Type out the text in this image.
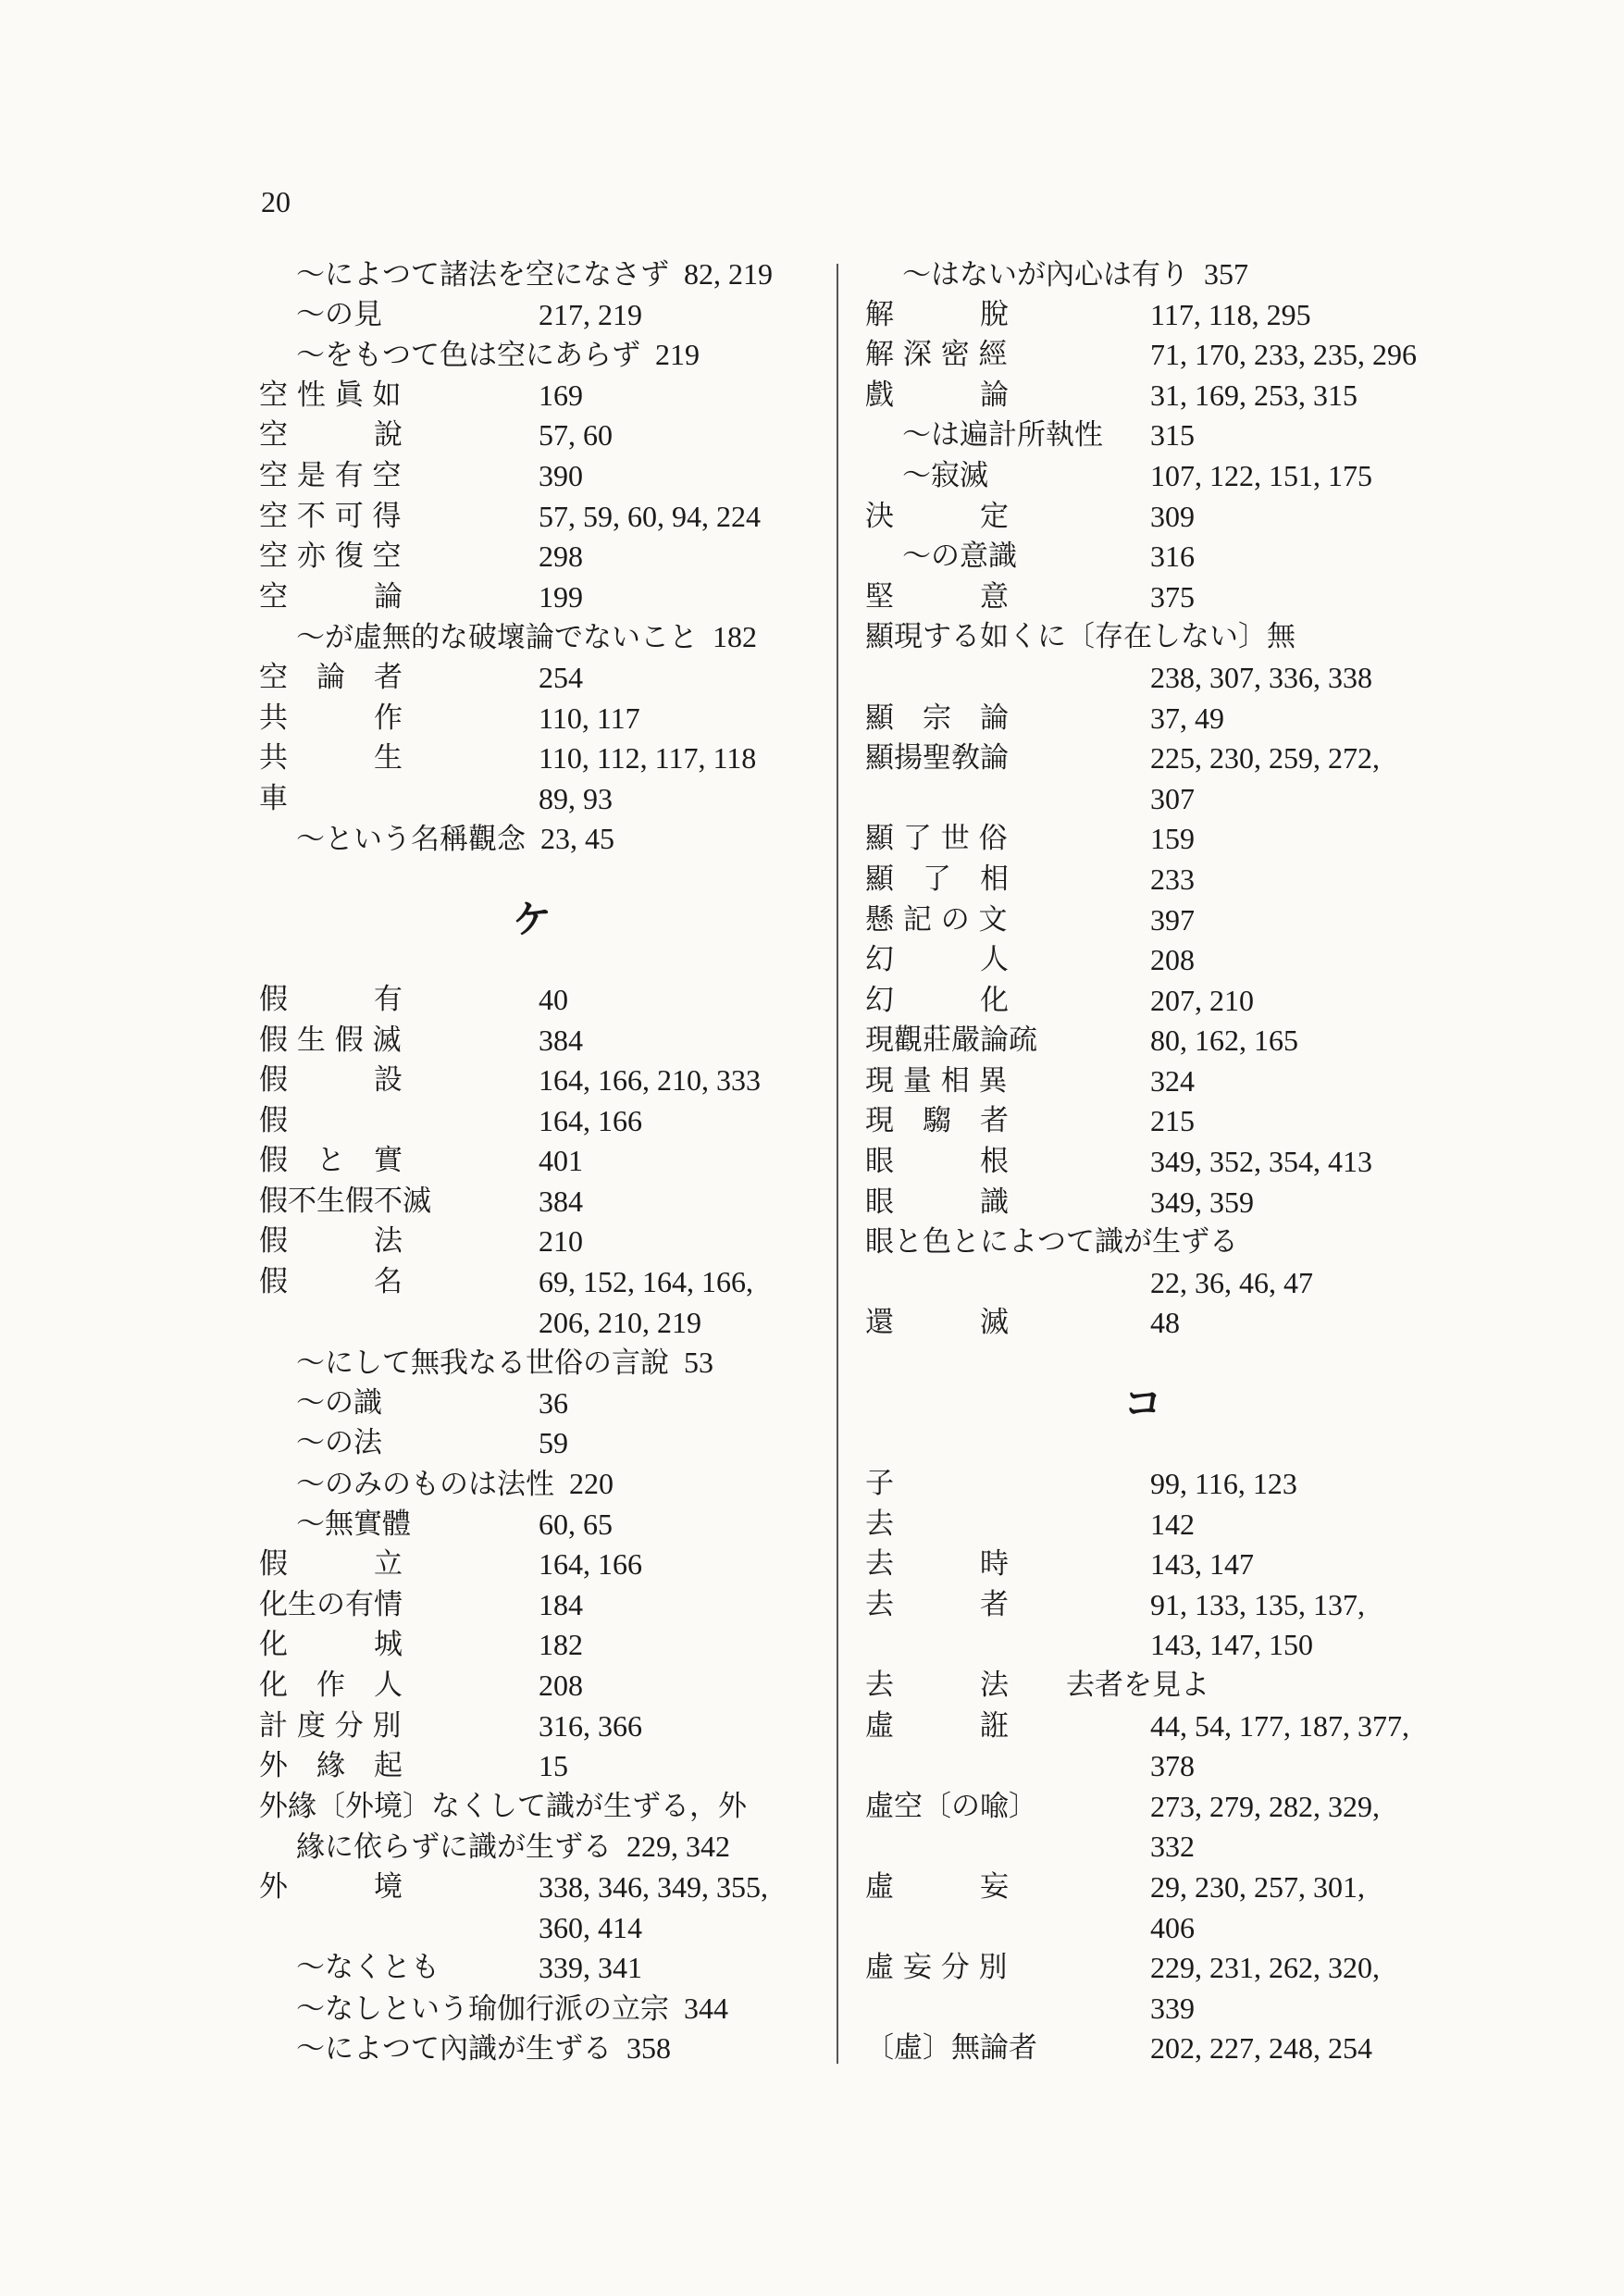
20
～によつて諸法を空になさず 82, 219
～の見	217, 219
～をもつて色は空にあらず 219
空 性 眞 如	169
空　　　說	57, 60
空 是 有 空	390
空 不 可 得	57, 59, 60, 94, 224
空 亦 復 空	298
空　　　論	199
～が虛無的な破壞論でないこと 182
空　論　者	254
共　　　作	110, 117
共　　　生	110, 112, 117, 118
車	89, 93
～という名稱觀念 23, 45
ケ
假　　　有	40
假 生 假 滅	384
假　　　設	164, 166, 210, 333
假	164, 166
假　と　實	401
假不生假不滅	384
假　　　法	210
假　　　名	69, 152, 164, 166,
206, 210, 219
～にして無我なる世俗の言說 53
～の識	36
～の法	59
～のみのものは法性 220
～無實體	60, 65
假　　　立	164, 166
化生の有情	184
化　　　城	182
化　作　人	208
計 度 分 別	316, 366
外　緣　起	15
外緣〔外境〕なくして識が生ずる，外
緣に依らずに識が生ずる 229, 342
外　　　境	338, 346, 349, 355,
360, 414
～なくとも	339, 341
～なしという瑜伽行派の立宗 344
～によつて內識が生ずる 358
～はないが內心は有り 357
解　　　脫	117, 118, 295
解 深 密 經	71, 170, 233, 235, 296
戲　　　論	31, 169, 253, 315
～は遍計所執性 315
～寂滅	107, 122, 151, 175
決　　　定	309
～の意識	316
堅　　　意	375
顯現する如くに〔存在しない〕無
238, 307, 336, 338
顯　宗　論	37, 49
顯揚聖敎論	225, 230, 259, 272,
307
顯 了 世 俗	159
顯　了　相	233
懸 記 の 文	397
幻　　　人	208
幻　　　化	207, 210
現觀莊嚴論疏	80, 162, 165
現 量 相 異	324
現　騶　者	215
眼　　　根	349, 352, 354, 413
眼　　　識	349, 359
眼と色とによつて識が生ずる
22, 36, 46, 47
還　　　滅	48
コ
子	99, 116, 123
去	142
去　　　時	143, 147
去　　　者	91, 133, 135, 137,
143, 147, 150
去　　　法　　去者を見よ
虛　　　誑	44, 54, 177, 187, 377,
378
虛空〔の喩〕	273, 279, 282, 329,
332
虛　　　妄	29, 230, 257, 301,
406
虛 妄 分 別	229, 231, 262, 320,
339
〔虛〕無論者	202, 227, 248, 254
